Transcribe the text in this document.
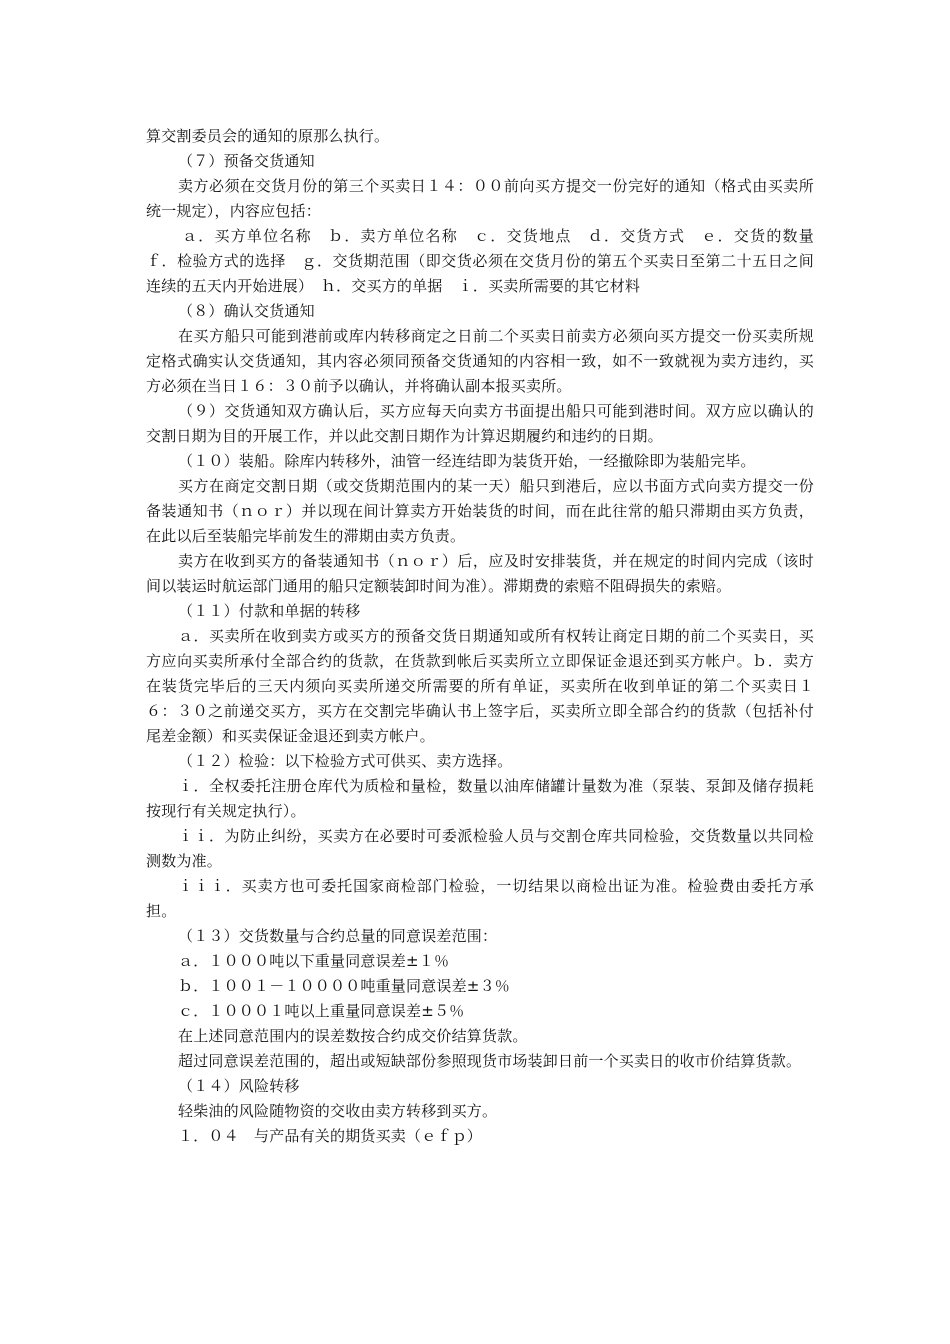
算交割委员会的通知的原那么执行。

（７）预备交货通知

卖方必须在交货月份的第三个买卖日１４：００前向买方提交一份完好的通知（格式由买卖所统一规定），内容应包括：

ａ．买方单位名称　ｂ．卖方单位名称　ｃ．交货地点　ｄ．交货方式　ｅ．交货的数量　ｆ．检验方式的选择　ｇ．交货期范围（即交货必须在交货月份的第五个买卖日至第二十五日之间连续的五天内开始进展）　ｈ．交买方的单据　ｉ．买卖所需要的其它材料

（８）确认交货通知

在买方船只可能到港前或库内转移商定之日前二个买卖日前卖方必须向买方提交一份买卖所规定格式确实认交货通知，其内容必须同预备交货通知的内容相一致，如不一致就视为卖方违约，买方必须在当日１６：３０前予以确认，并将确认副本报买卖所。

（９）交货通知双方确认后，买方应每天向卖方书面提出船只可能到港时间。双方应以确认的交割日期为目的开展工作，并以此交割日期作为计算迟期履约和违约的日期。

（１０）装船。除库内转移外，油管一经连结即为装货开始，一经撤除即为装船完毕。

买方在商定交割日期（或交货期范围内的某一天）船只到港后，应以书面方式向卖方提交一份备装通知书（ｎｏｒ）并以现在间计算卖方开始装货的时间，而在此往常的船只滞期由买方负责，在此以后至装船完毕前发生的滞期由卖方负责。

卖方在收到买方的备装通知书（ｎｏｒ）后，应及时安排装货，并在规定的时间内完成（该时间以装运时航运部门通用的船只定额装卸时间为准）。滞期费的索赔不阻碍损失的索赔。

（１１）付款和单据的转移

ａ．买卖所在收到卖方或买方的预备交货日期通知或所有权转让商定日期的前二个买卖日，买方应向买卖所承付全部合约的货款，在货款到帐后买卖所立立即保证金退还到买方帐户。ｂ．卖方在装货完毕后的三天内须向买卖所递交所需要的所有单证，买卖所在收到单证的第二个买卖日１６：３０之前递交买方，买方在交割完毕确认书上签字后，买卖所立即全部合约的货款（包括补付尾差金额）和买卖保证金退还到卖方帐户。

（１２）检验：以下检验方式可供买、卖方选择。

ｉ．全权委托注册仓库代为质检和量检，数量以油库储罐计量数为准（泵装、泵卸及储存损耗按现行有关规定执行）。

ｉｉ．为防止纠纷，买卖方在必要时可委派检验人员与交割仓库共同检验，交货数量以共同检测数为准。

ｉｉｉ．买卖方也可委托国家商检部门检验，一切结果以商检出证为准。检验费由委托方承担。

（１３）交货数量与合约总量的同意误差范围：

ａ．１０００吨以下重量同意误差±１％

ｂ．１００１－１００００吨重量同意误差±３％

ｃ．１０００１吨以上重量同意误差±５％

在上述同意范围内的误差数按合约成交价结算货款。

超过同意误差范围的，超出或短缺部份参照现货市场装卸日前一个买卖日的收市价结算货款。

（１４）风险转移

轻柴油的风险随物资的交收由卖方转移到买方。

１．０４　与产品有关的期货买卖（ｅｆｐ）
